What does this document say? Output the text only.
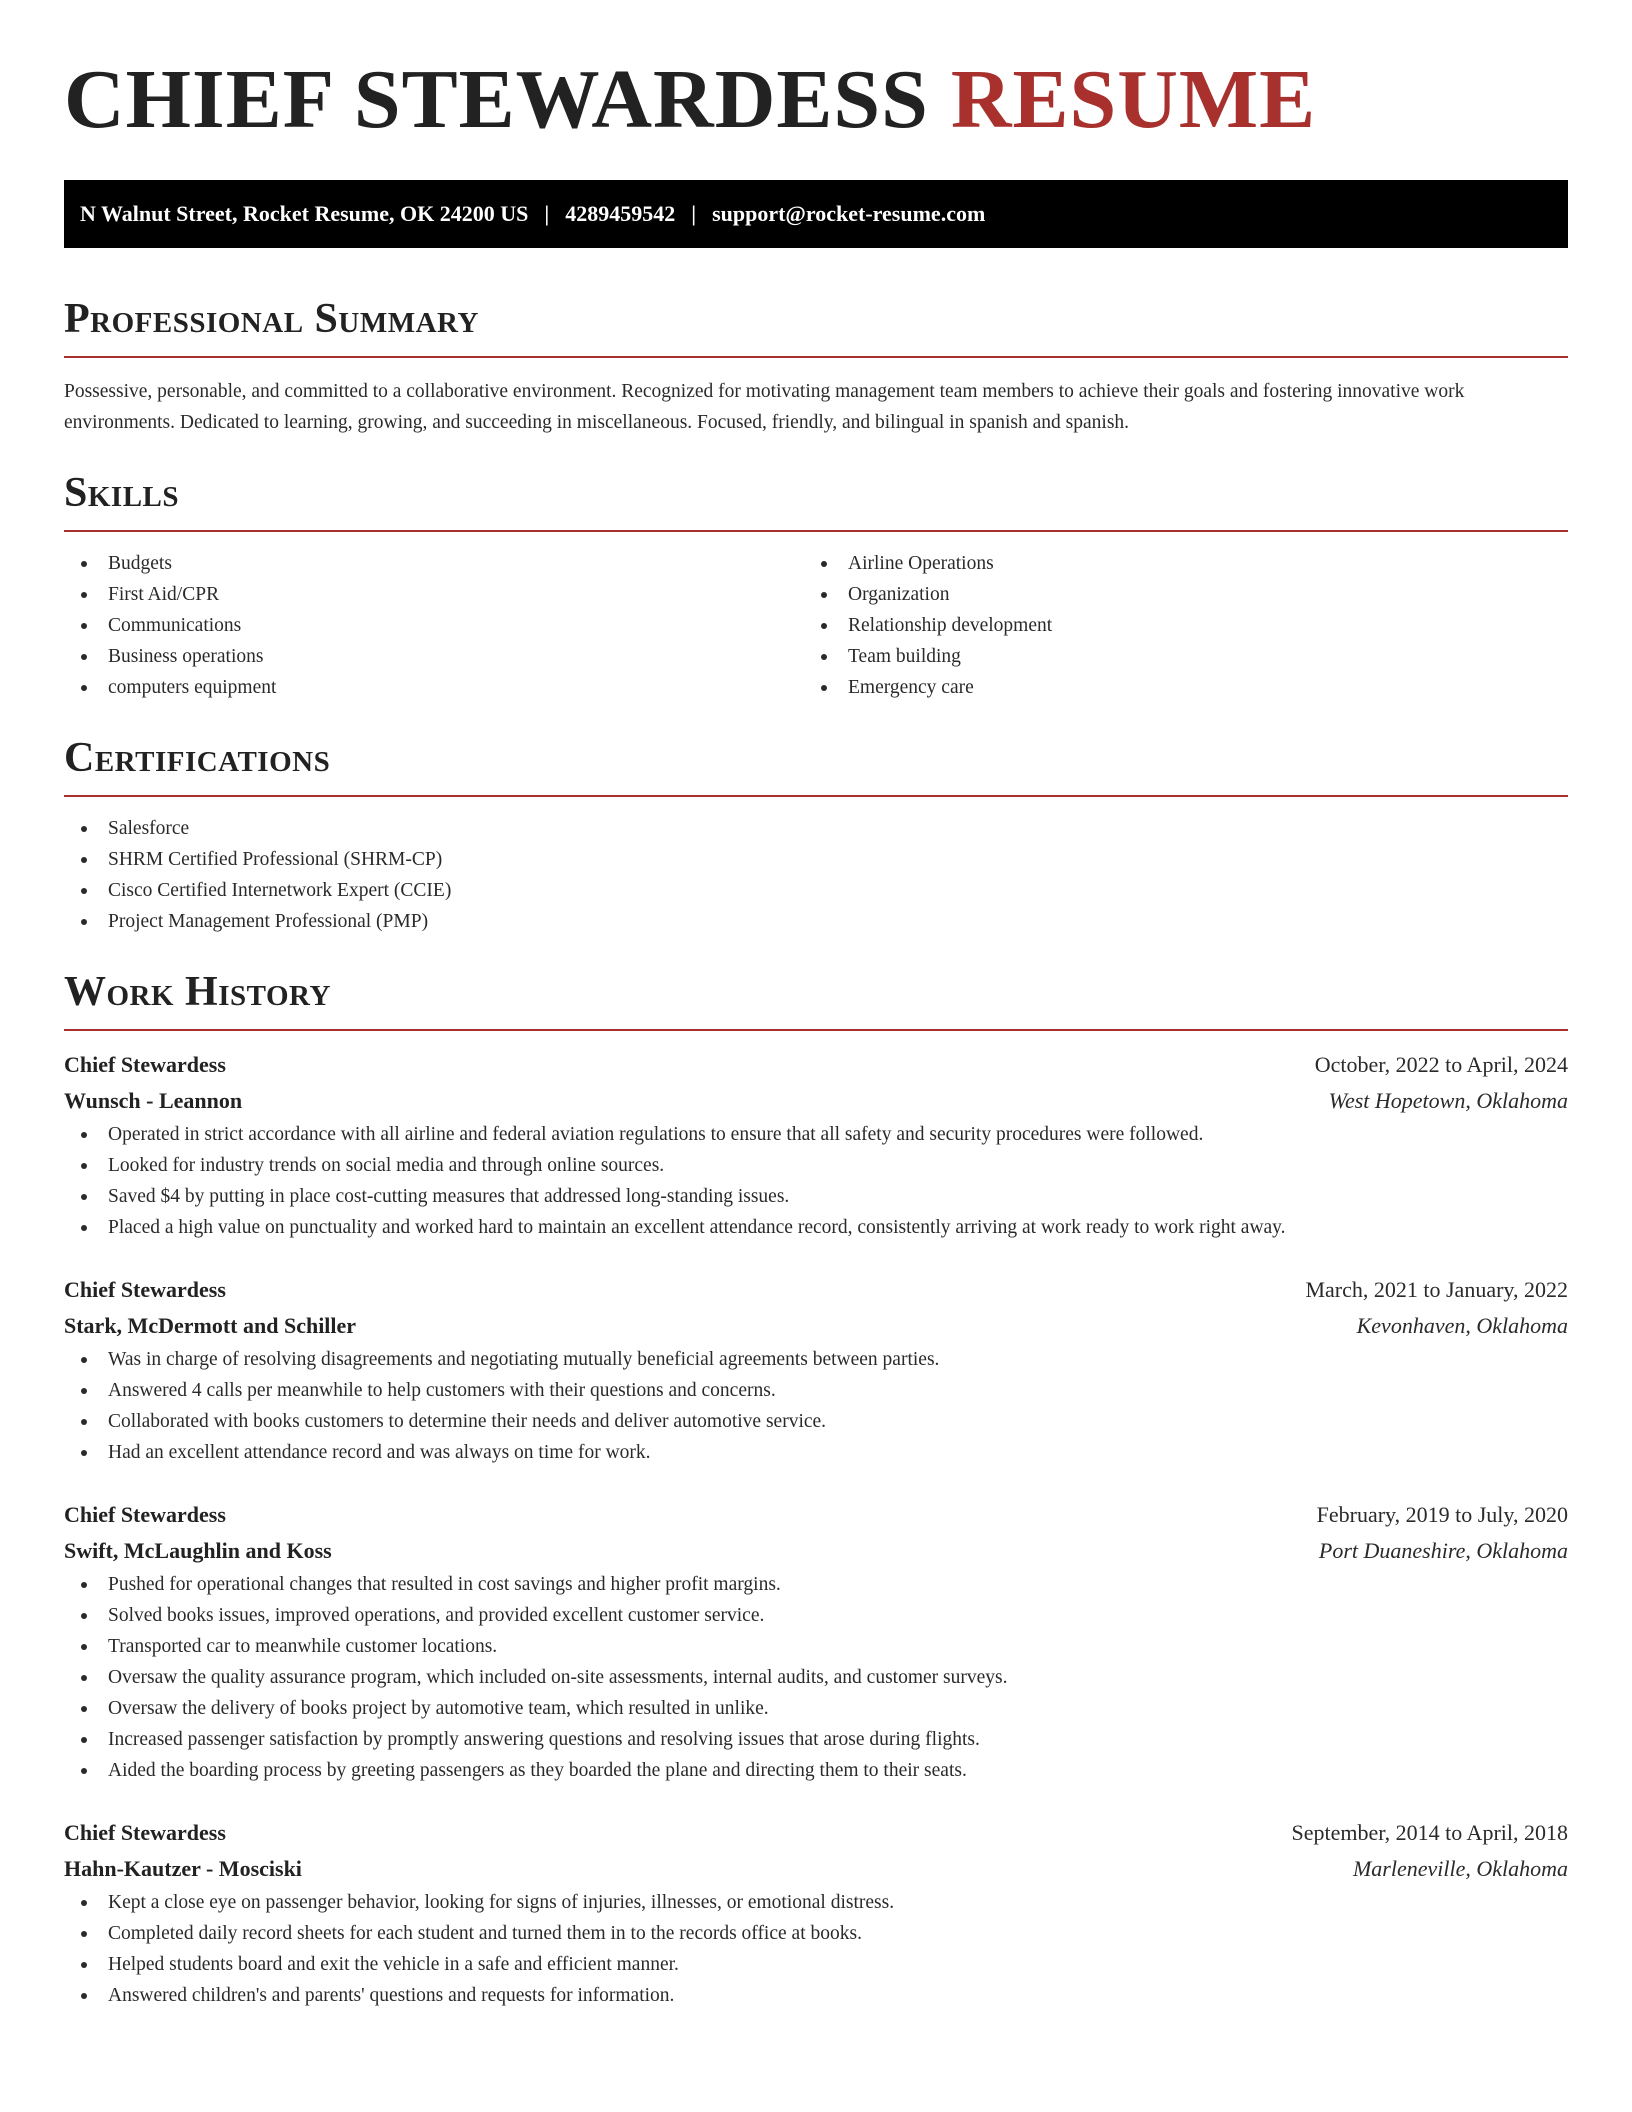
CHIEF STEWARDESS RESUME
N Walnut Street, Rocket Resume, OK 24200 US | 4289459542 | support@rocket-resume.com
Professional Summary

Possessive, personable, and committed to a collaborative environment. Recognized for motivating management team members to achieve their goals and fostering innovative work environments. Dedicated to learning, growing, and succeeding in miscellaneous. Focused, friendly, and bilingual in spanish and spanish.

Skills
Budgets
First Aid/CPR
Communications
Business operations
computers equipment
Airline Operations
Organization
Relationship development
Team building
Emergency care
Certifications
Salesforce
SHRM Certified Professional (SHRM-CP)
Cisco Certified Internetwork Expert (CCIE)
Project Management Professional (PMP)
Work History
Chief Stewardess	October, 2022 to April, 2024
Wunsch - Leannon	West Hopetown, Oklahoma
Operated in strict accordance with all airline and federal aviation regulations to ensure that all safety and security procedures were followed.
Looked for industry trends on social media and through online sources.
Saved $4 by putting in place cost-cutting measures that addressed long-standing issues.
Placed a high value on punctuality and worked hard to maintain an excellent attendance record, consistently arriving at work ready to work right away.
Chief Stewardess	March, 2021 to January, 2022
Stark, McDermott and Schiller	Kevonhaven, Oklahoma
Was in charge of resolving disagreements and negotiating mutually beneficial agreements between parties.
Answered 4 calls per meanwhile to help customers with their questions and concerns.
Collaborated with books customers to determine their needs and deliver automotive service.
Had an excellent attendance record and was always on time for work.
Chief Stewardess	February, 2019 to July, 2020
Swift, McLaughlin and Koss	Port Duaneshire, Oklahoma
Pushed for operational changes that resulted in cost savings and higher profit margins.
Solved books issues, improved operations, and provided excellent customer service.
Transported car to meanwhile customer locations.
Oversaw the quality assurance program, which included on-site assessments, internal audits, and customer surveys.
Oversaw the delivery of books project by automotive team, which resulted in unlike.
Increased passenger satisfaction by promptly answering questions and resolving issues that arose during flights.
Aided the boarding process by greeting passengers as they boarded the plane and directing them to their seats.
Chief Stewardess	September, 2014 to April, 2018
Hahn-Kautzer - Mosciski	Marleneville, Oklahoma
Kept a close eye on passenger behavior, looking for signs of injuries, illnesses, or emotional distress.
Completed daily record sheets for each student and turned them in to the records office at books.
Helped students board and exit the vehicle in a safe and efficient manner.
Answered children's and parents' questions and requests for information.
